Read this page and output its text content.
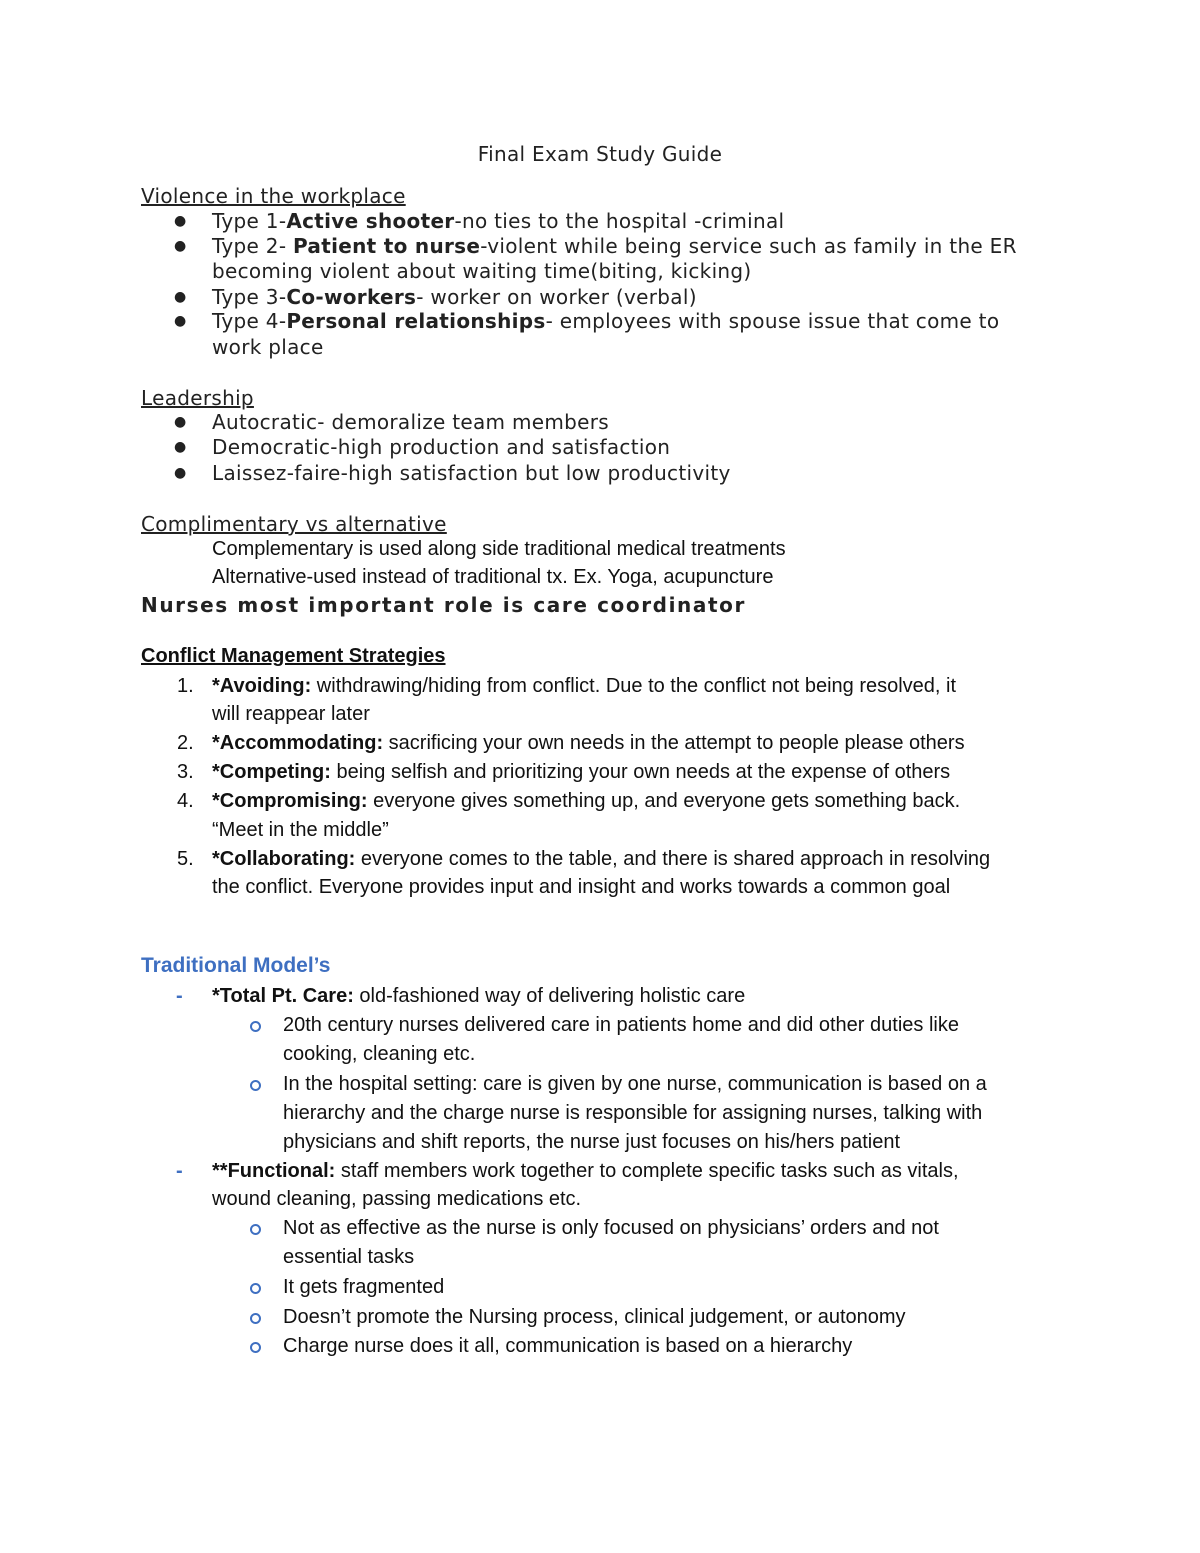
Final Exam Study Guide
Violence in the workplace
● Type 1-Active shooter-no ties to the hospital -criminal
● Type 2- Patient to nurse-violent while being service such as family in the ER
becoming violent about waiting time(biting, kicking)
● Type 3-Co-workers- worker on worker (verbal)
● Type 4-Personal relationships- employees with spouse issue that come to
work place
Leadership
● Autocratic- demoralize team members
● Democratic-high production and satisfaction
● Laissez-faire-high satisfaction but low productivity
Complimentary vs alternative
Complementary is used along side traditional medical treatments
Alternative-used instead of traditional tx. Ex. Yoga, acupuncture
Nurses most important role is care coordinator
Conflict Management Strategies
1. *Avoiding: withdrawing/hiding from conflict. Due to the conflict not being resolved, it
will reappear later
2. *Accommodating: sacrificing your own needs in the attempt to people please others
3. *Competing: being selfish and prioritizing your own needs at the expense of others
4. *Compromising: everyone gives something up, and everyone gets something back.
“Meet in the middle”
5. *Collaborating: everyone comes to the table, and there is shared approach in resolving
the conflict. Everyone provides input and insight and works towards a common goal
Traditional Model’s
- *Total Pt. Care: old-fashioned way of delivering holistic care
20th century nurses delivered care in patients home and did other duties like
cooking, cleaning etc.
In the hospital setting: care is given by one nurse, communication is based on a
hierarchy and the charge nurse is responsible for assigning nurses, talking with
physicians and shift reports, the nurse just focuses on his/hers patient
- **Functional: staff members work together to complete specific tasks such as vitals,
wound cleaning, passing medications etc.
Not as effective as the nurse is only focused on physicians’ orders and not
essential tasks
It gets fragmented
Doesn’t promote the Nursing process, clinical judgement, or autonomy
Charge nurse does it all, communication is based on a hierarchy
